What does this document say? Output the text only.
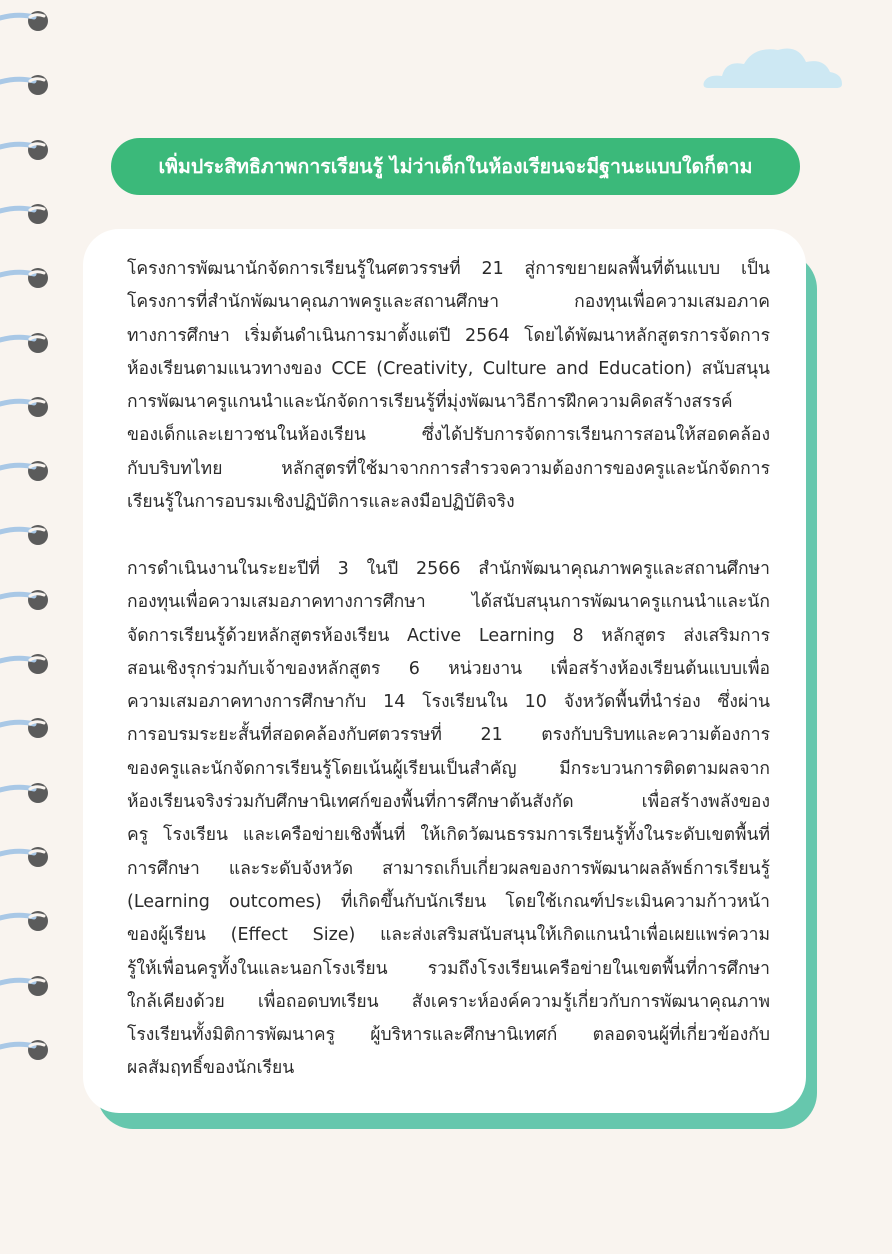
เพิ่มประสิทธิภาพการเรียนรู้ ไม่ว่าเด็กในห้องเรียนจะมีฐานะแบบใดก็ตาม
โครงการพัฒนานักจัดการเรียนรู้ในศตวรรษที่ 21 สู่การขยายผลพื้นที่ต้นแบบ เป็น
โครงการที่สำนักพัฒนาคุณภาพครูและสถานศึกษา กองทุนเพื่อความเสมอภาค
ทางการศึกษา เริ่มต้นดำเนินการมาตั้งแต่ปี 2564 โดยได้พัฒนาหลักสูตรการจัดการ
ห้องเรียนตามแนวทางของ CCE (Creativity, Culture and Education) สนับสนุน
การพัฒนาครูแกนนำและนักจัดการเรียนรู้ที่มุ่งพัฒนาวิธีการฝึกความคิดสร้างสรรค์
ของเด็กและเยาวชนในห้องเรียน ซึ่งได้ปรับการจัดการเรียนการสอนให้สอดคล้อง
กับบริบทไทย หลักสูตรที่ใช้มาจากการสำรวจความต้องการของครูและนักจัดการ
เรียนรู้ในการอบรมเชิงปฏิบัติการและลงมือปฏิบัติจริง
การดำเนินงานในระยะปีที่ 3 ในปี 2566 สำนักพัฒนาคุณภาพครูและสถานศึกษา
กองทุนเพื่อความเสมอภาคทางการศึกษา ได้สนับสนุนการพัฒนาครูแกนนำและนัก
จัดการเรียนรู้ด้วยหลักสูตรห้องเรียน Active Learning 8 หลักสูตร ส่งเสริมการ
สอนเชิงรุกร่วมกับเจ้าของหลักสูตร 6 หน่วยงาน เพื่อสร้างห้องเรียนต้นแบบเพื่อ
ความเสมอภาคทางการศึกษากับ 14 โรงเรียนใน 10 จังหวัดพื้นที่นำร่อง ซึ่งผ่าน
การอบรมระยะสั้นที่สอดคล้องกับศตวรรษที่ 21 ตรงกับบริบทและความต้องการ
ของครูและนักจัดการเรียนรู้โดยเน้นผู้เรียนเป็นสำคัญ มีกระบวนการติดตามผลจาก
ห้องเรียนจริงร่วมกับศึกษานิเทศก์ของพื้นที่การศึกษาต้นสังกัด เพื่อสร้างพลังของ
ครู โรงเรียน และเครือข่ายเชิงพื้นที่ ให้เกิดวัฒนธรรมการเรียนรู้ทั้งในระดับเขตพื้นที่
การศึกษา และระดับจังหวัด สามารถเก็บเกี่ยวผลของการพัฒนาผลลัพธ์การเรียนรู้
(Learning outcomes) ที่เกิดขึ้นกับนักเรียน โดยใช้เกณฑ์ประเมินความก้าวหน้า
ของผู้เรียน (Effect Size) และส่งเสริมสนับสนุนให้เกิดแกนนำเพื่อเผยแพร่ความ
รู้ให้เพื่อนครูทั้งในและนอกโรงเรียน รวมถึงโรงเรียนเครือข่ายในเขตพื้นที่การศึกษา
ใกล้เคียงด้วย เพื่อถอดบทเรียน สังเคราะห์องค์ความรู้เกี่ยวกับการพัฒนาคุณภาพ
โรงเรียนทั้งมิติการพัฒนาครู ผู้บริหารและศึกษานิเทศก์ ตลอดจนผู้ที่เกี่ยวข้องกับ
ผลสัมฤทธิ์ของนักเรียน
